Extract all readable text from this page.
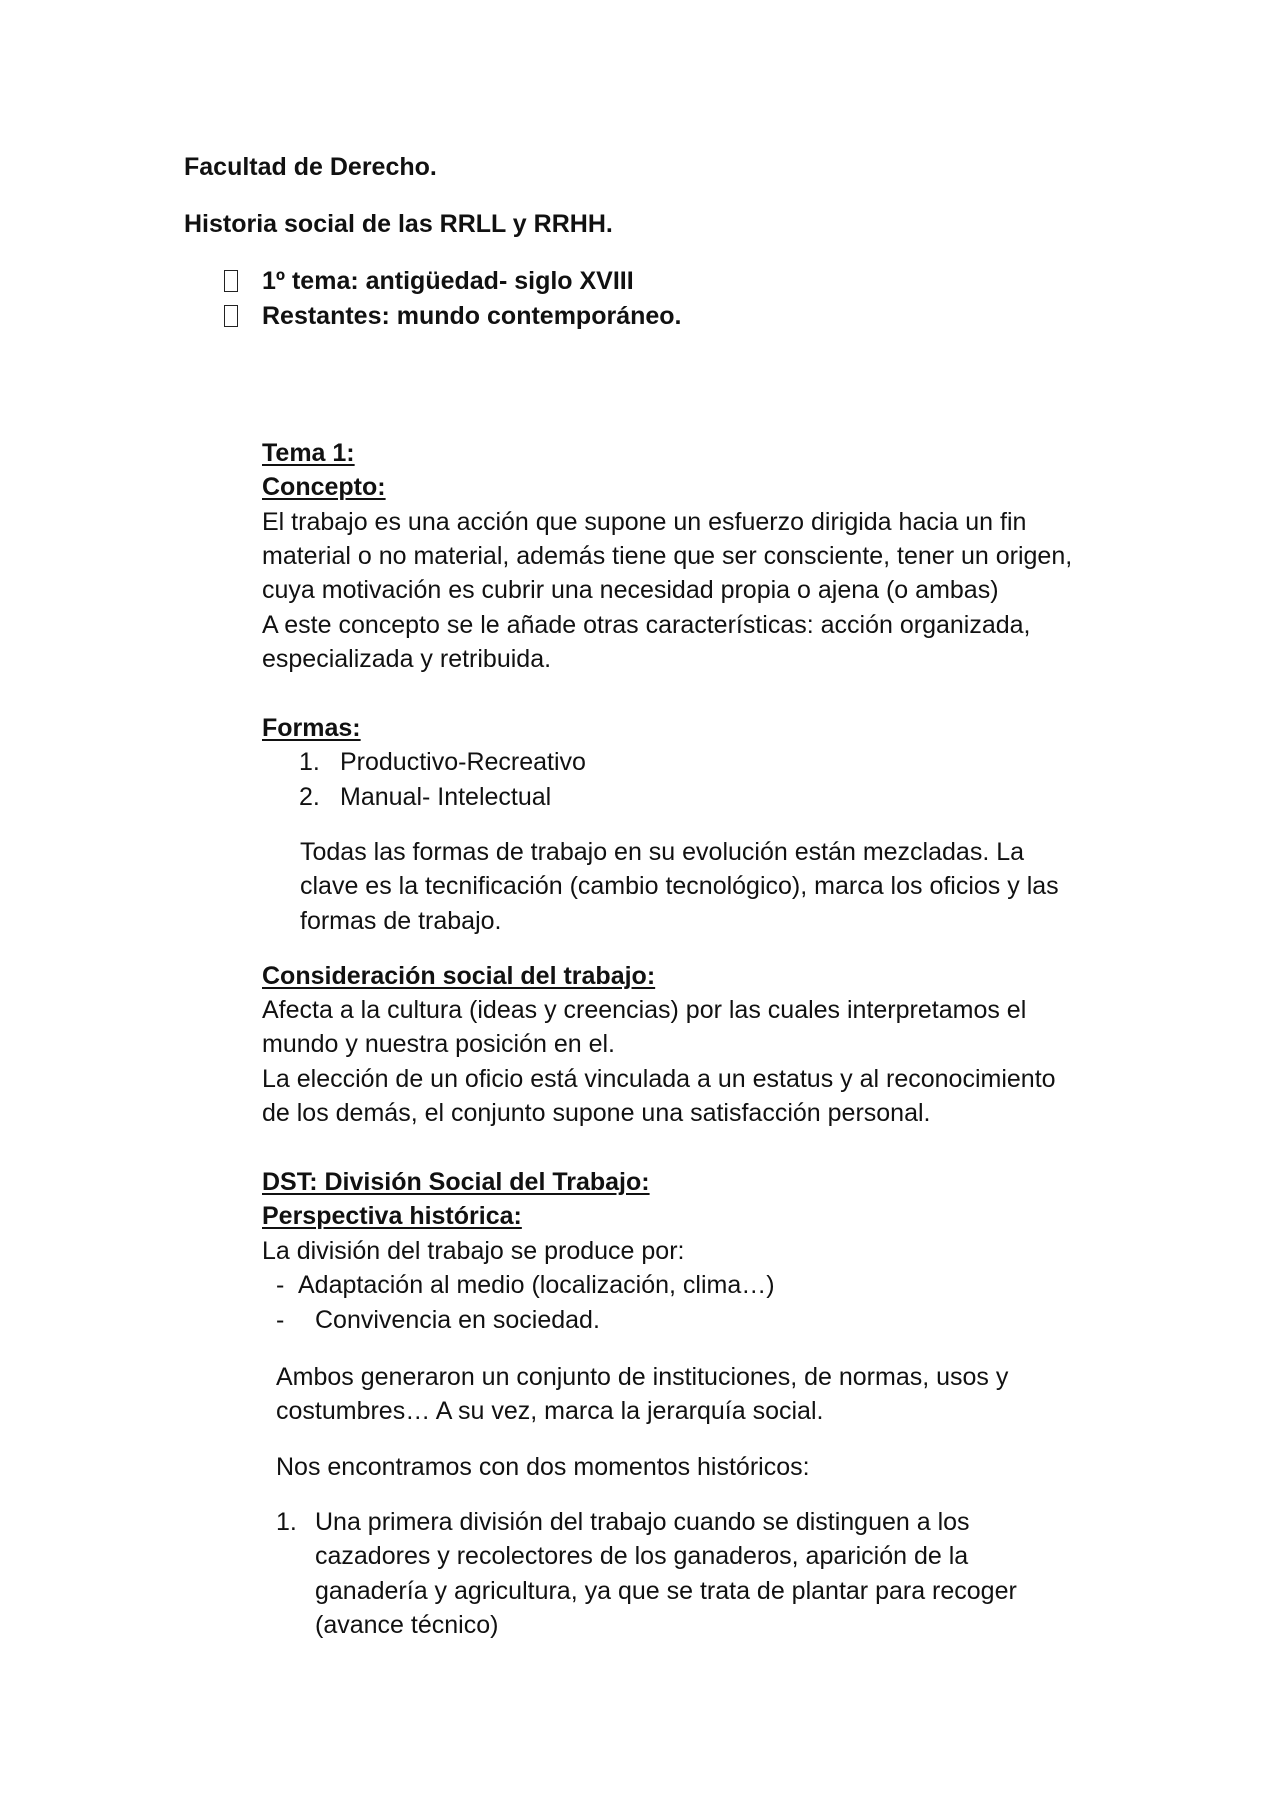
Facultad de Derecho.
Historia social de las RRLL y RRHH.
1º tema: antigüedad- siglo XVIII
Restantes: mundo contemporáneo.
Tema 1:
Concepto:
El trabajo es una acción que supone un esfuerzo dirigida hacia un fin
material o no material, además tiene que ser consciente, tener un origen,
cuya motivación es cubrir una necesidad propia o ajena (o ambas)
A este concepto se le añade otras características: acción organizada,
especializada y retribuida.
Formas:
1. Productivo-Recreativo
2. Manual- Intelectual
Todas las formas de trabajo en su evolución están mezcladas. La
clave es la tecnificación (cambio tecnológico), marca los oficios y las
formas de trabajo.
Consideración social del trabajo:
Afecta a la cultura (ideas y creencias) por las cuales interpretamos el
mundo y nuestra posición en el.
La elección de un oficio está vinculada a un estatus y al reconocimiento
de los demás, el conjunto supone una satisfacción personal.
DST: División Social del Trabajo:
Perspectiva histórica:
La división del trabajo se produce por:
- Adaptación al medio (localización, clima…)
- Convivencia en sociedad.
Ambos generaron un conjunto de instituciones, de normas, usos y
costumbres… A su vez, marca la jerarquía social.
Nos encontramos con dos momentos históricos:
1. Una primera división del trabajo cuando se distinguen a los
cazadores y recolectores de los ganaderos, aparición de la
ganadería y agricultura, ya que se trata de plantar para recoger
(avance técnico)
